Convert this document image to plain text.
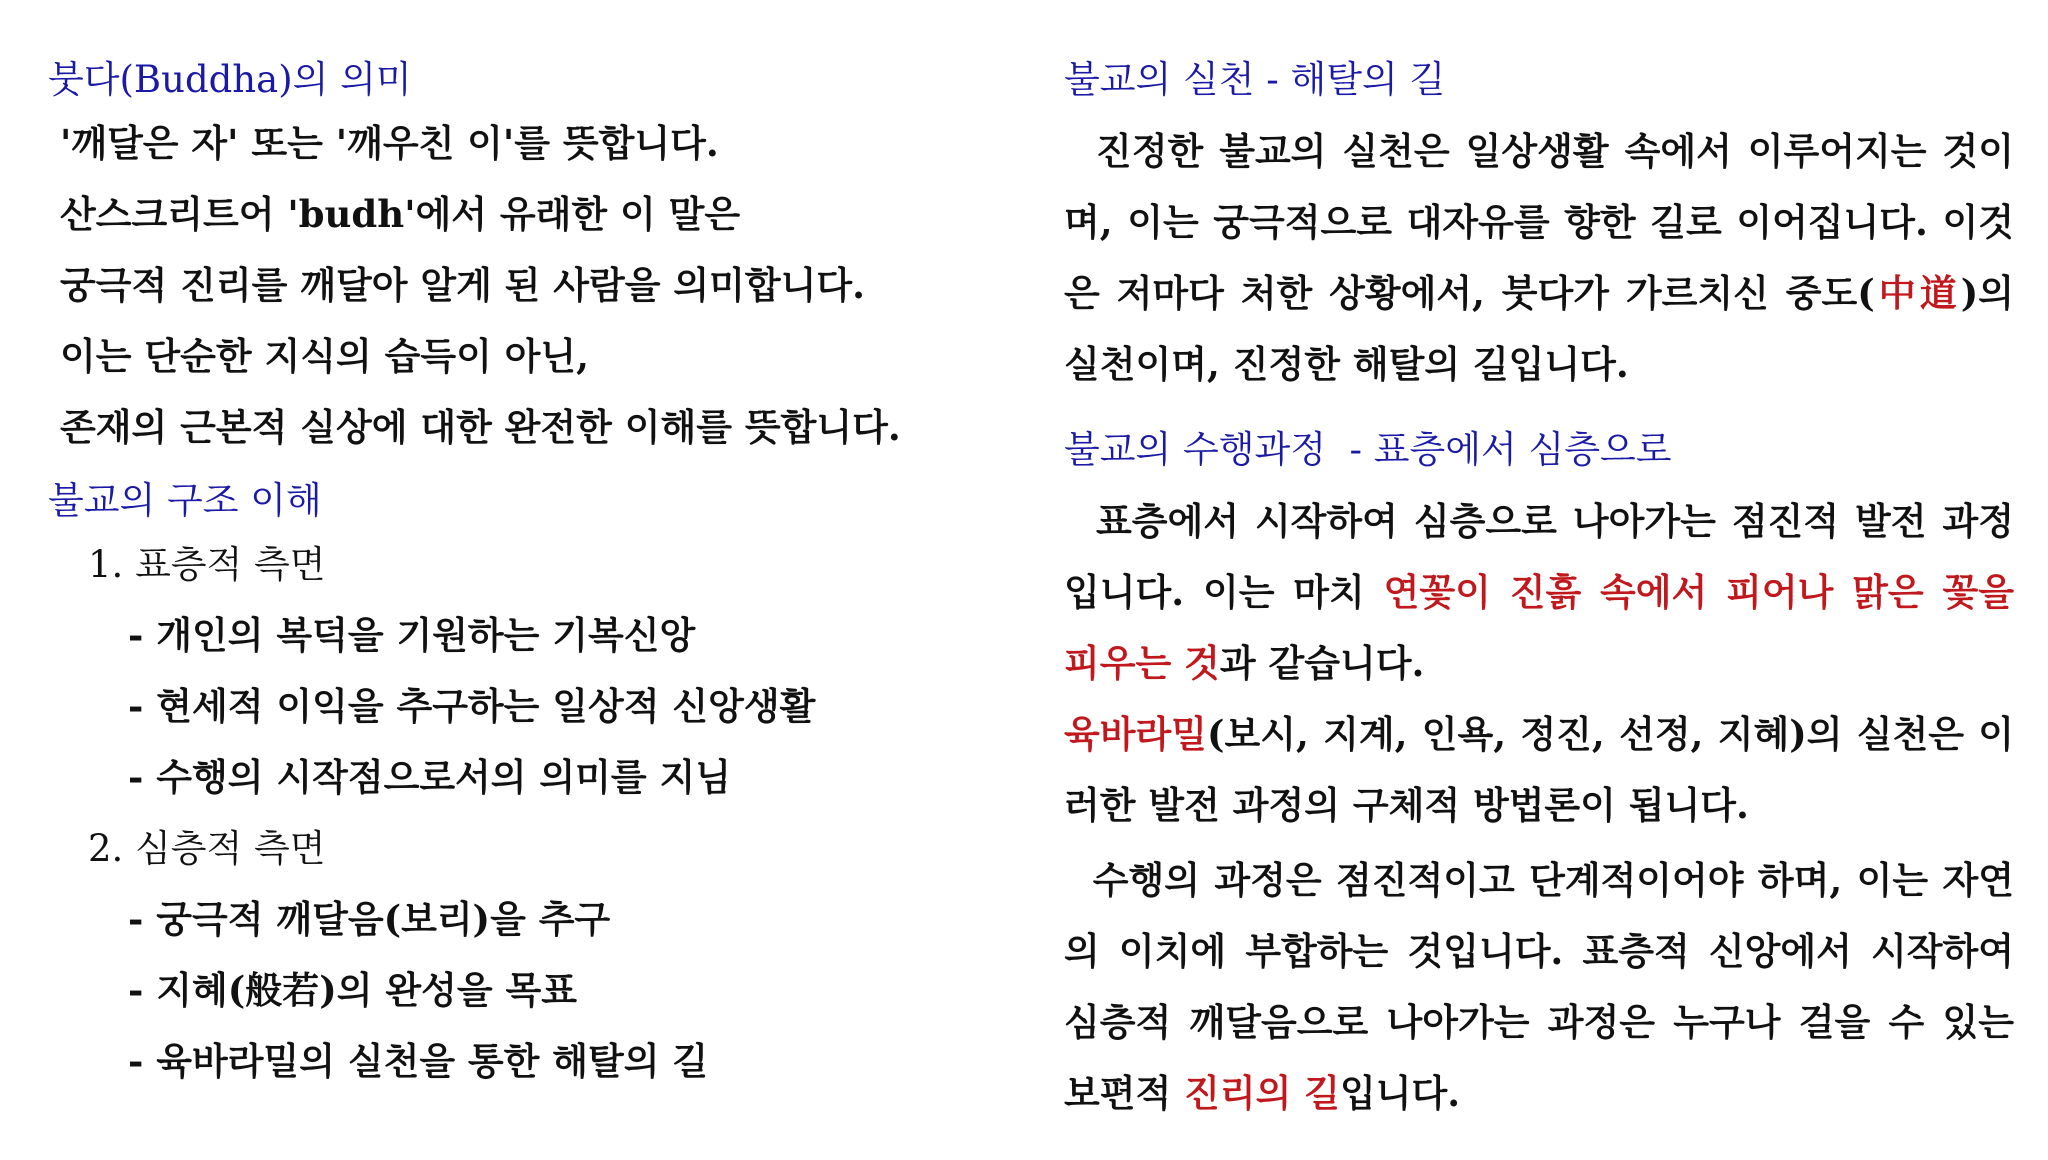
붓다(Buddha)의 의미

'깨달은 자' 또는 '깨우친 이'를 뜻합니다.

산스크리트어 'budh'에서 유래한 이 말은

궁극적 진리를 깨달아 알게 된 사람을 의미합니다.

이는 단순한 지식의 습득이 아닌,

존재의 근본적 실상에 대한 완전한 이해를 뜻합니다.

불교의 구조 이해

1. 표층적 측면

- 개인의 복덕을 기원하는 기복신앙

- 현세적 이익을 추구하는 일상적 신앙생활

- 수행의 시작점으로서의 의미를 지님

2. 심층적 측면

- 궁극적 깨달음(보리)을 추구

- 지혜(般若)의 완성을 목표

- 육바라밀의 실천을 통한 해탈의 길

불교의 실천 - 해탈의 길

진정한 불교의 실천은 일상생활 속에서 이루어지는 것이며, 이는 궁극적으로 대자유를 향한 길로 이어집니다. 이것은 저마다 처한 상황에서, 붓다가 가르치신 중도(中道)의 실천이며, 진정한 해탈의 길입니다.

불교의 수행과정  - 표층에서 심층으로

표층에서 시작하여 심층으로 나아가는 점진적 발전 과정입니다. 이는 마치 연꽃이 진흙 속에서 피어나 맑은 꽃을 피우는 것과 같습니다.

육바라밀(보시, 지계, 인욕, 정진, 선정, 지혜)의 실천은 이러한 발전 과정의 구체적 방법론이 됩니다.

수행의 과정은 점진적이고 단계적이어야 하며, 이는 자연의 이치에 부합하는 것입니다. 표층적 신앙에서 시작하여 심층적 깨달음으로 나아가는 과정은 누구나 걸을 수 있는 보편적 진리의 길입니다.
